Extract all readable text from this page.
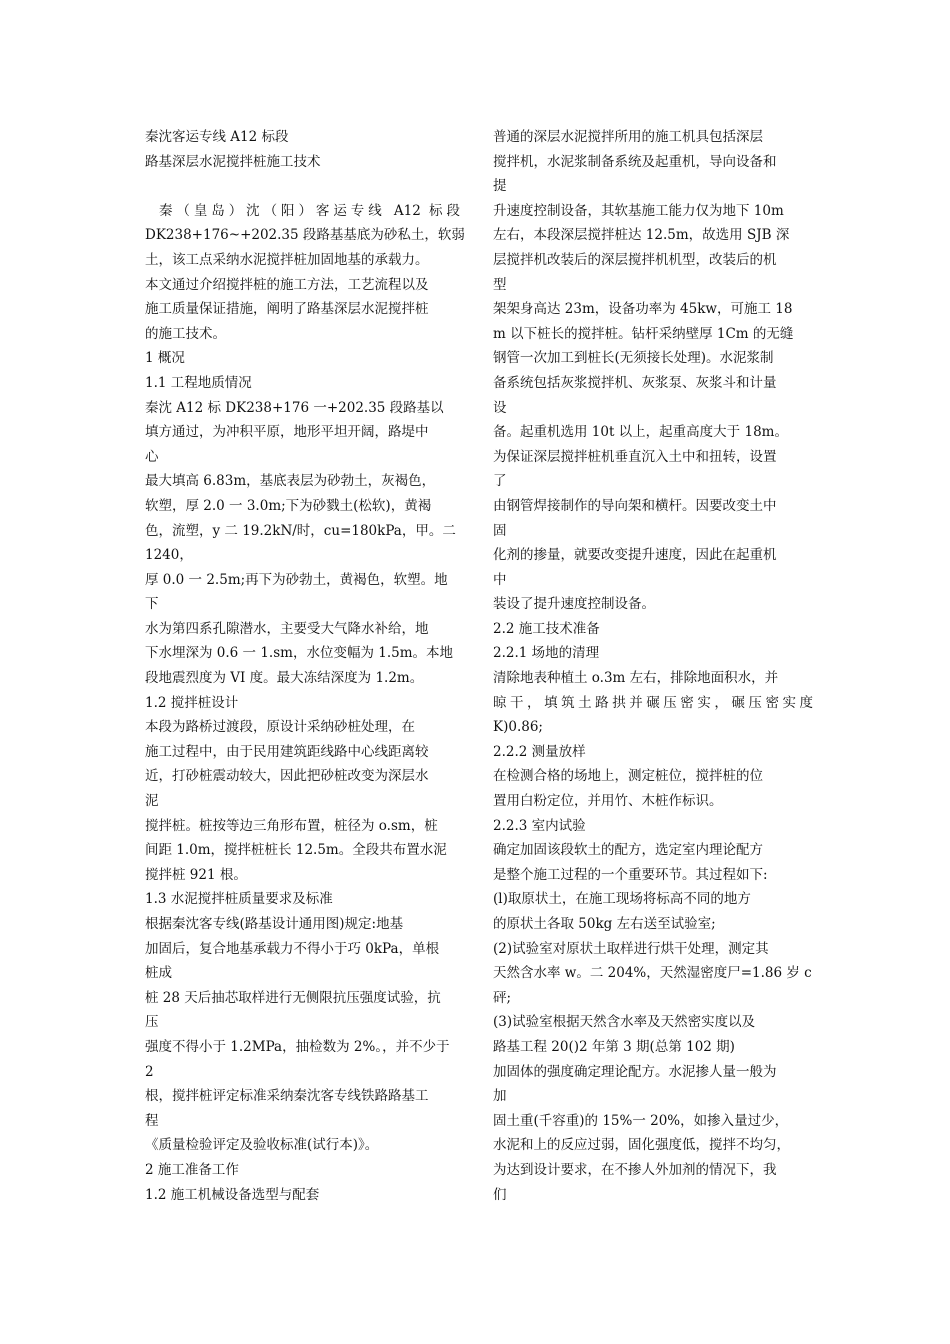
秦沈客运专线 A12 标段
路基深层水泥搅拌桩施工技术
秦（皇岛）沈（阳）客运专线 A12 标段
DK238+176~+202.35 段路基基底为砂私土，软弱
土，该工点采纳水泥搅拌桩加固地基的承载力。
本文通过介绍搅拌桩的施工方法，工艺流程以及
施工质量保证措施，阐明了路基深层水泥搅拌桩
的施工技术。
1 概况
1.1 工程地质情况
秦沈 A12 标 DK238+176 一+202.35 段路基以
填方通过，为冲积平原，地形平坦开阔，路堤中
心
最大填高 6.83m，基底表层为砂勃土，灰褐色，
软塑，厚 2.0 一 3.0m;下为砂戮土(松软)，黄褐
色，流塑，y 二 19.2kN/时，cu=180kPa，甲。二
1240，
厚 0.0 一 2.5m;再下为砂勃土，黄褐色，软塑。地
下
水为第四系孔隙潜水，主要受大气降水补给，地
下水埋深为 0.6 一 1.sm，水位变幅为 1.5m。本地
段地震烈度为 VI 度。最大冻结深度为 1.2m。
1.2 搅拌桩设计
本段为路桥过渡段，原设计采纳砂桩处理，在
施工过程中，由于民用建筑距线路中心线距离较
近，打砂桩震动较大，因此把砂桩改变为深层水
泥
搅拌桩。桩按等边三角形布置，桩径为 o.sm，桩
间距 1.0m，搅拌桩桩长 12.5m。全段共布置水泥
搅拌桩 921 根。
1.3 水泥搅拌桩质量要求及标准
根据秦沈客专线(路基设计通用图)规定:地基
加固后，复合地基承载力不得小于巧 0kPa，单根
桩成
桩 28 天后抽芯取样进行无侧限抗压强度试验，抗
压
强度不得小于 1.2MPa，抽检数为 2%。，并不少于
2
根，搅拌桩评定标准采纳秦沈客专线铁路路基工
程
《质量检验评定及验收标准(试行本)》。
2 施工准备工作
1.2 施工机械设备选型与配套
普通的深层水泥搅拌所用的施工机具包括深层
搅拌机，水泥浆制备系统及起重机，导向设备和
提
升速度控制设备，其软基施工能力仅为地下 10m
左右，本段深层搅拌桩达 12.5m，故选用 SJB 深
层搅拌机改装后的深层搅拌机机型，改装后的机
型
架架身高达 23m，设备功率为 45kw，可施工 18
m 以下桩长的搅拌桩。钻杆采纳壁厚 1Cm 的无缝
钢管一次加工到桩长(无须接长处理)。水泥浆制
备系统包括灰浆搅拌机、灰浆泵、灰浆斗和计量
设
备。起重机选用 10t 以上，起重高度大于 18m。
为保证深层搅拌桩机垂直沉入土中和扭转，设置
了
由钢管焊接制作的导向架和横杆。因要改变土中
固
化剂的掺量，就要改变提升速度，因此在起重机
中
装设了提升速度控制设备。
2.2 施工技术准备
2.2.1 场地的清理
清除地表种植土 o.3m 左右，排除地面积水，并
晾干，填筑土路拱并碾压密实，碾压密实度
K)0.86;
2.2.2 测量放样
在检测合格的场地上，测定桩位，搅拌桩的位
置用白粉定位，并用竹、木桩作标识。
2.2.3 室内试验
确定加固该段软土的配方，选定室内理论配方
是整个施工过程的一个重要环节。其过程如下:
(l)取原状土，在施工现场将标高不同的地方
的原状土各取 50kg 左右送至试验室;
(2)试验室对原状土取样进行烘干处理，测定其
天然含水率 w。二 204%，天然湿密度尸=1.86 岁 c
砰;
(3)试验室根据天然含水率及天然密实度以及
路基工程 20()2 年第 3 期(总第 102 期)
加固体的强度确定理论配方。水泥掺人量一般为
加
固土重(千容重)的 15%一 20%，如掺入量过少，
水泥和上的反应过弱，固化强度低，搅拌不均匀，
为达到设计要求，在不掺人外加剂的情况下，我
们
